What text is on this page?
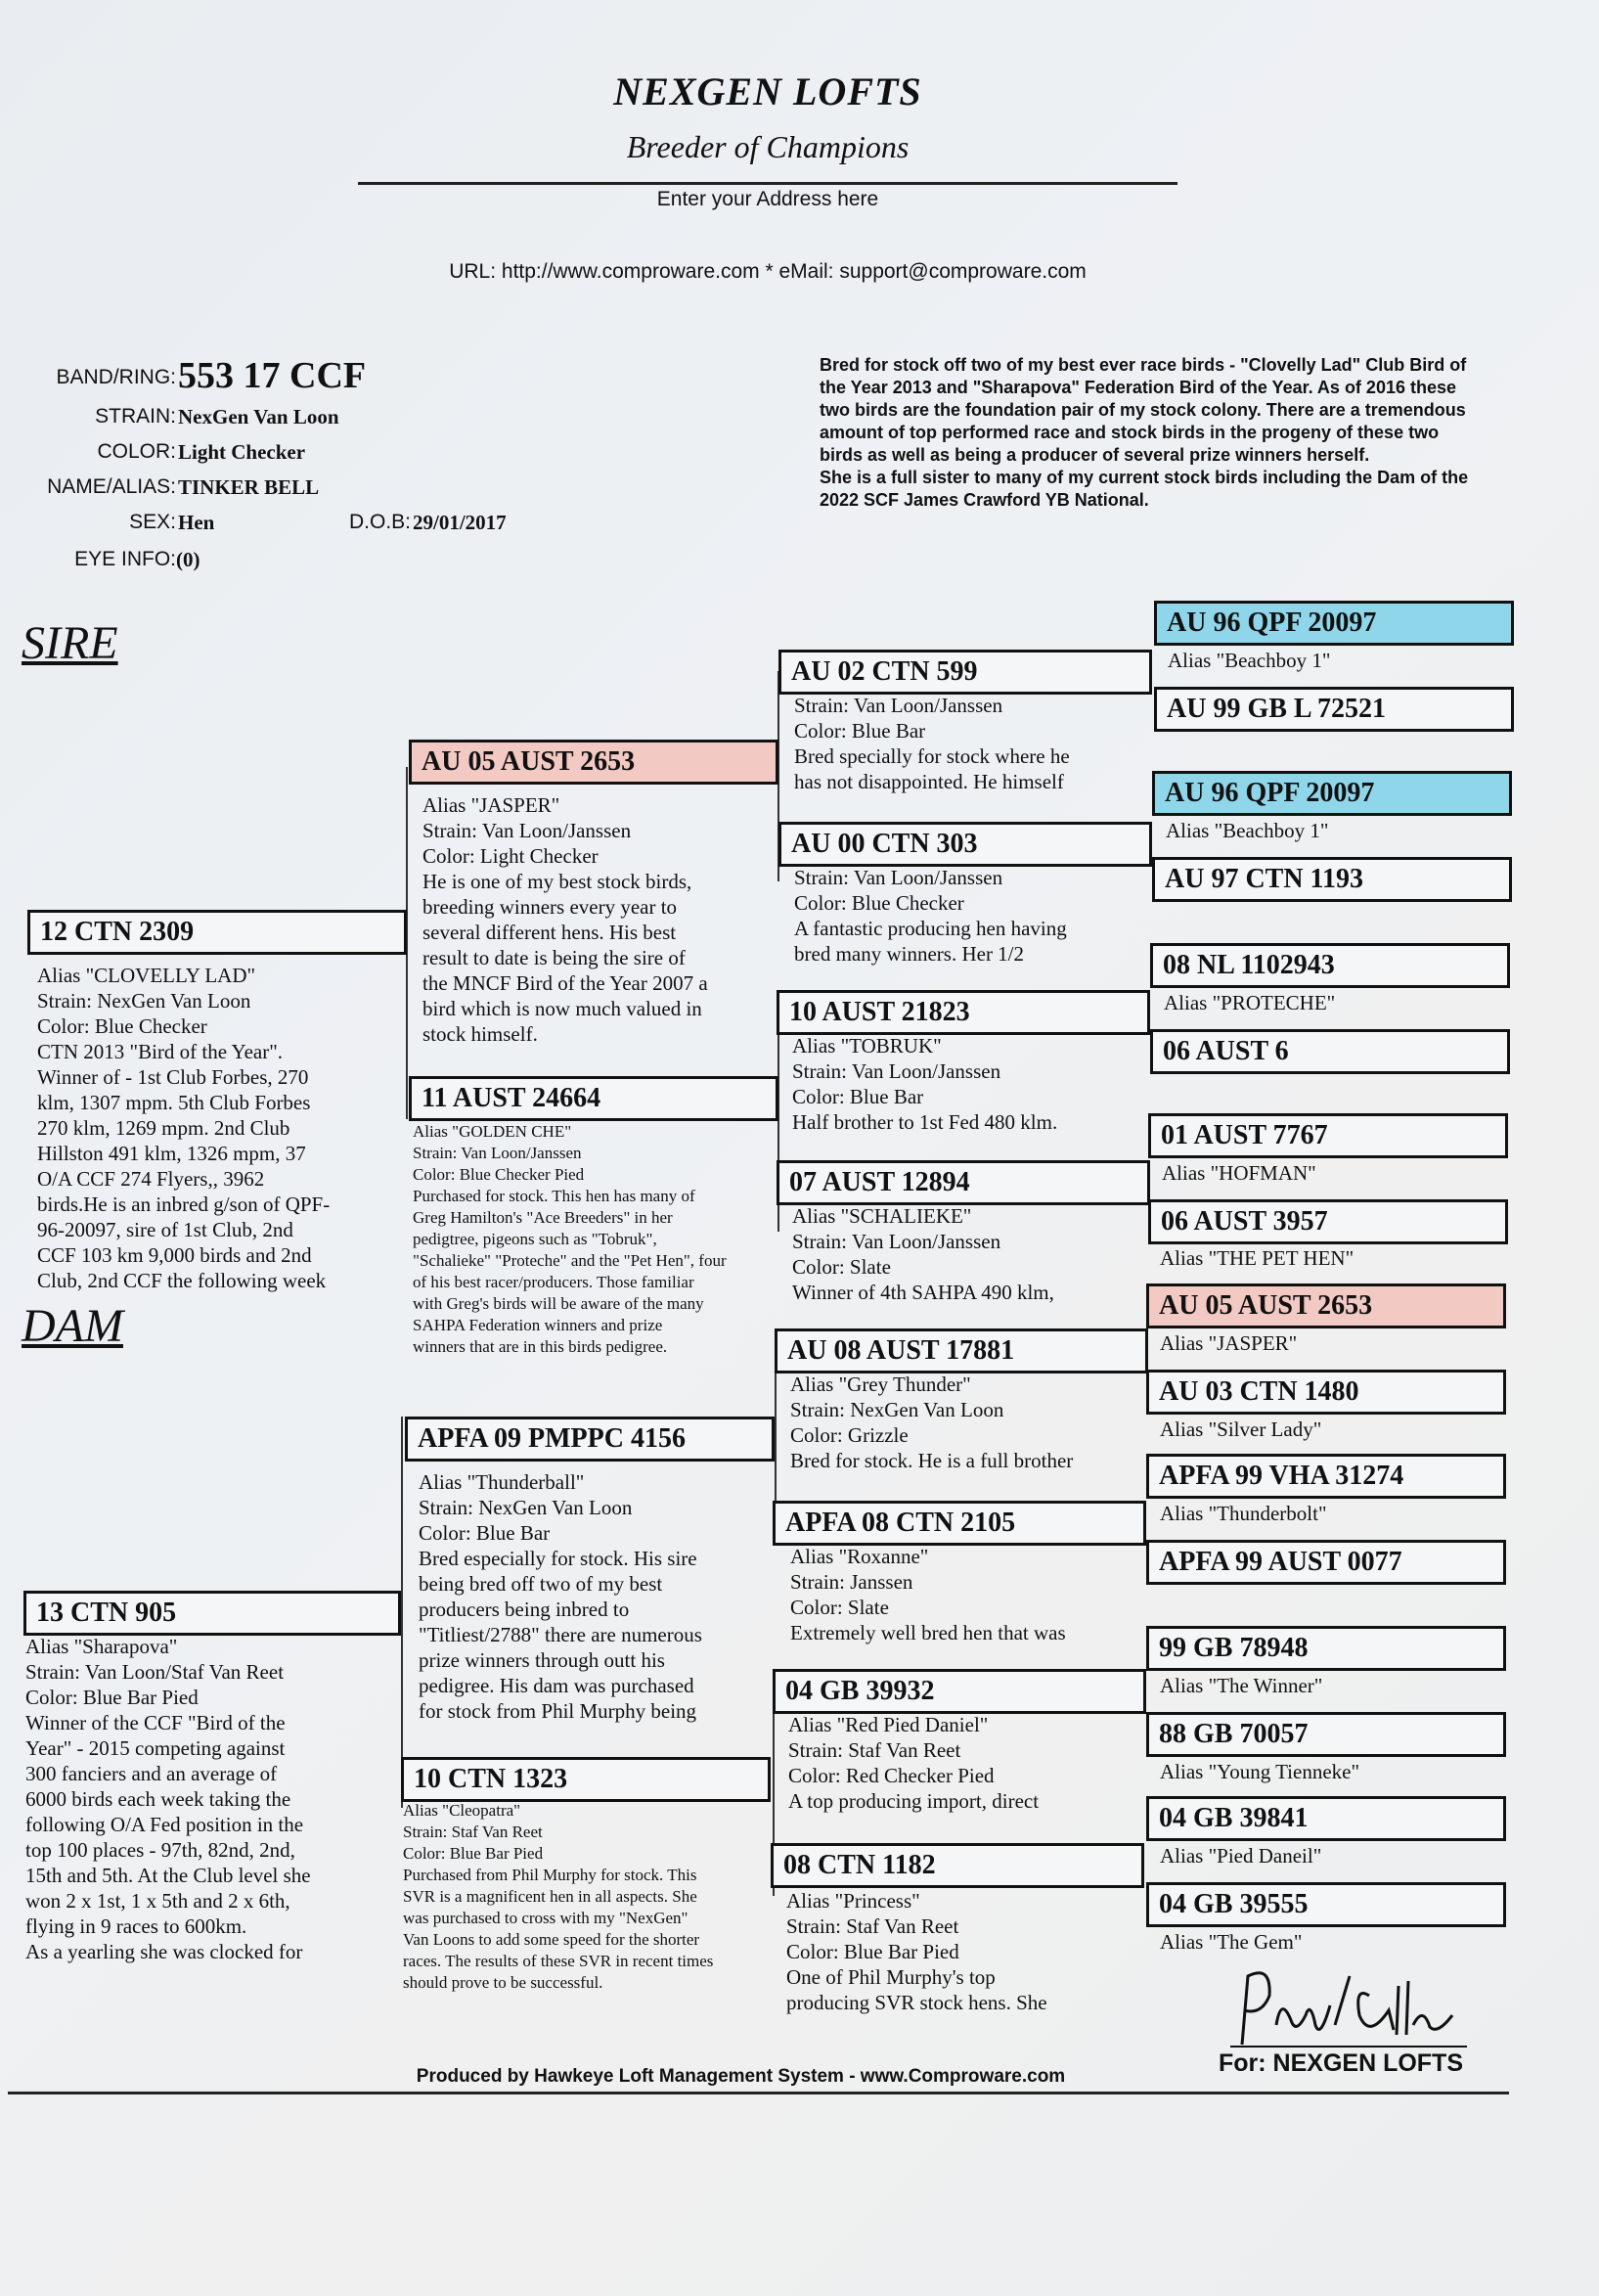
NEXGEN LOFTS
Breeder of Champions
Enter your Address here
URL: http://www.comproware.com * eMail: support@comproware.com
BAND/RING: 553 17 CCF
STRAIN: NexGen Van Loon
COLOR: Light Checker
NAME/ALIAS: TINKER BELL
SEX: Hen	D.O.B: 29/01/2017
EYE INFO: (0)

Bred for stock off two of my best ever race birds - "Clovelly Lad" Club Bird of the Year 2013 and "Sharapova" Federation Bird of the Year. As of 2016 these two birds are the foundation pair of my stock colony. There are a tremendous amount of top performed race and stock birds in the progeny of these two birds as well as being a producer of several prize winners herself.

She is a full sister to many of my current stock birds including the Dam of the 2022 SCF James Crawford YB National.

SIRE
DAM
12 CTN 2309
Alias "CLOVELLY LAD"
Strain: NexGen Van Loon
Color: Blue Checker
CTN 2013 "Bird of the Year".
Winner of - 1st Club Forbes, 270
klm, 1307 mpm. 5th Club Forbes
270 klm, 1269 mpm. 2nd Club
Hillston 491 klm, 1326 mpm, 37
O/A CCF 274 Flyers,, 3962
birds.He is an inbred g/son of QPF-
96-20097, sire of 1st Club, 2nd
CCF 103 km 9,000 birds and 2nd
Club, 2nd CCF the following week
13 CTN 905
Alias "Sharapova"
Strain: Van Loon/Staf Van Reet
Color: Blue Bar Pied
Winner of the CCF "Bird of the
Year" - 2015 competing against
300 fanciers and an average of
6000 birds each week taking the
following O/A Fed position in the
top 100 places - 97th, 82nd, 2nd,
15th and 5th. At the Club level she
won 2 x 1st, 1 x 5th and 2 x 6th,
flying in 9 races to 600km.
As a yearling she was clocked for
AU 05 AUST 2653
Alias "JASPER"
Strain: Van Loon/Janssen
Color: Light Checker
He is one of my best stock birds,
breeding winners every year to
several different hens. His best
result to date is being the sire of
the MNCF Bird of the Year 2007 a
bird which is now much valued in
stock himself.
11 AUST 24664
Alias "GOLDEN CHE"
Strain: Van Loon/Janssen
Color: Blue Checker Pied
Purchased for stock. This hen has many of
Greg Hamilton's "Ace Breeders" in her
pedigtree, pigeons such as "Tobruk",
"Schalieke" "Proteche" and the "Pet Hen", four
of his best racer/producers. Those familiar
with Greg's birds will be aware of the many
SAHPA Federation winners and prize
winners that are in this birds pedigree.
APFA 09 PMPPC 4156
Alias "Thunderball"
Strain: NexGen Van Loon
Color: Blue Bar
Bred especially for stock. His sire
being bred off two of my best
producers being inbred to
"Titliest/2788" there are numerous
prize winners through outt his
pedigree. His dam was purchased
for stock from Phil Murphy being
10 CTN 1323
Alias "Cleopatra"
Strain: Staf Van Reet
Color: Blue Bar Pied
Purchased from Phil Murphy for stock. This
SVR is a magnificent hen in all aspects. She
was purchased to cross with my "NexGen"
Van Loons to add some speed for the shorter
races. The results of these SVR in recent times
should prove to be successful.
AU 02 CTN 599
Strain: Van Loon/Janssen
Color: Blue Bar
Bred specially for stock where he
has not disappointed. He himself
AU 00 CTN 303
Strain: Van Loon/Janssen
Color: Blue Checker
A fantastic producing hen having
bred many winners. Her 1/2
10 AUST 21823
Alias "TOBRUK"
Strain: Van Loon/Janssen
Color: Blue Bar
Half brother to 1st Fed 480 klm.
07 AUST 12894
Alias "SCHALIEKE"
Strain: Van Loon/Janssen
Color: Slate
Winner of 4th SAHPA 490 klm,
AU 08 AUST 17881
Alias "Grey Thunder"
Strain: NexGen Van Loon
Color: Grizzle
Bred for stock. He is a full brother
APFA 08 CTN 2105
Alias "Roxanne"
Strain: Janssen
Color: Slate
Extremely well bred hen that was
04 GB 39932
Alias "Red Pied Daniel"
Strain: Staf Van Reet
Color: Red Checker Pied
A top producing import, direct
08 CTN 1182
Alias "Princess"
Strain: Staf Van Reet
Color: Blue Bar Pied
One of Phil Murphy's top
producing SVR stock hens. She
AU 96 QPF 20097
Alias "Beachboy 1"
AU 99 GB L 72521
AU 96 QPF 20097
Alias "Beachboy 1"
AU 97 CTN 1193
08 NL 1102943
Alias "PROTECHE"
06 AUST 6
01 AUST 7767
Alias "HOFMAN"
06 AUST 3957
Alias "THE PET HEN"
AU 05 AUST 2653
Alias "JASPER"
AU 03 CTN 1480
Alias "Silver Lady"
APFA 99 VHA 31274
Alias "Thunderbolt"
APFA 99 AUST 0077
99 GB 78948
Alias "The Winner"
88 GB 70057
Alias "Young Tienneke"
04 GB 39841
Alias "Pied Daneil"
04 GB 39555
Alias "The Gem"
For: NEXGEN LOFTS
Produced by Hawkeye Loft Management System - www.Comproware.com
